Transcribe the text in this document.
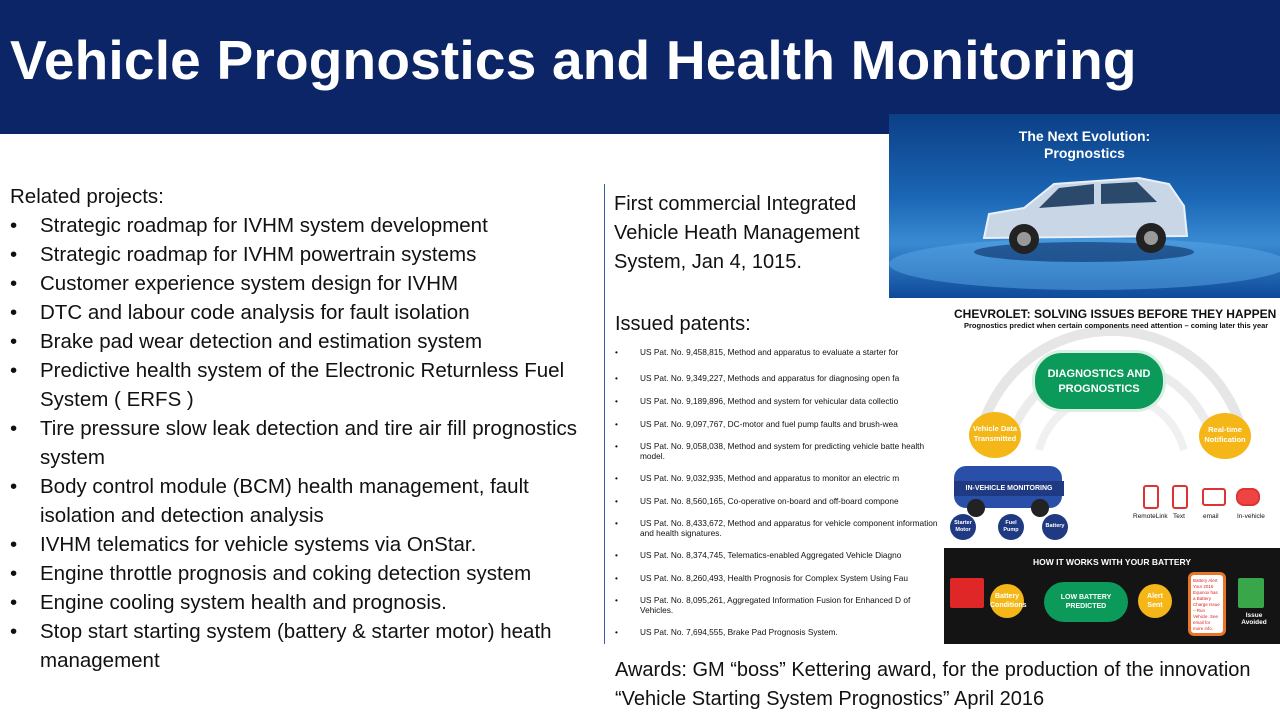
Vehicle Prognostics and Health Monitoring
Related projects:
• Strategic roadmap for IVHM system development
• Strategic roadmap for IVHM powertrain systems
• Customer experience system design for IVHM
• DTC and labour code analysis for fault isolation
• Brake pad wear detection and estimation system
• Predictive health system of the Electronic Returnless Fuel System ( ERFS )
• Tire pressure slow leak detection and tire air fill prognostics system
• Body control module (BCM) health management, fault isolation and detection analysis
• IVHM telematics for vehicle systems via OnStar.
• Engine throttle prognosis and coking detection system
• Engine cooling system health and prognosis.
• Stop start starting system (battery & starter motor) heath management
First commercial Integrated Vehicle Heath Management System, Jan 4, 1015.
Issued patents:
• US Pat. No. 9,458,815, Method and apparatus to evaluate a starter for
• US Pat. No. 9,349,227, Methods and apparatus for diagnosing open fa
• US Pat. No. 9,189,896, Method and system for vehicular data collectio
• US Pat. No. 9,097,767, DC-motor and fuel pump faults and brush-wea
• US Pat. No. 9,058,038, Method and system for predicting vehicle batte health model.
• US Pat. No. 9,032,935, Method and apparatus to monitor an electric m
• US Pat. No. 8,560,165, Co-operative on-board and off-board compone
• US Pat. No. 8,433,672, Method and apparatus for vehicle component information and health signatures.
• US Pat. No. 8,374,745, Telematics-enabled Aggregated Vehicle Diagno
• US Pat. No. 8,260,493, Health Prognosis for Complex System Using Fau
• US Pat. No. 8,095,261, Aggregated Information Fusion for Enhanced D of Vehicles.
• US Pat. No. 7,694,555, Brake Pad Prognosis System.
Awards: GM “boss” Kettering award, for the production of the innovation “Vehicle Starting System Prognostics” April 2016
The Next Evolution:
Prognostics
CHEVROLET: SOLVING ISSUES BEFORE THEY HAPPEN
Prognostics predict when certain components need attention – coming later this year
DIAGNOSTICS AND
PROGNOSTICS
Vehicle Data
Transmitted
Real-time
Notification
IN-VEHICLE MONITORING
Starter
Motor
Fuel
Pump
Battery
RemoteLink Text	email	In-vehicle
HOW IT WORKS WITH YOUR BATTERY
Battery
Conditions
LOW BATTERY
PREDICTED
Alert
Sent
Battery Alert Your 2016 Equinox has a Battery Charge Issue – Run Vehicle. See email for more info.
Issue
Avoided
